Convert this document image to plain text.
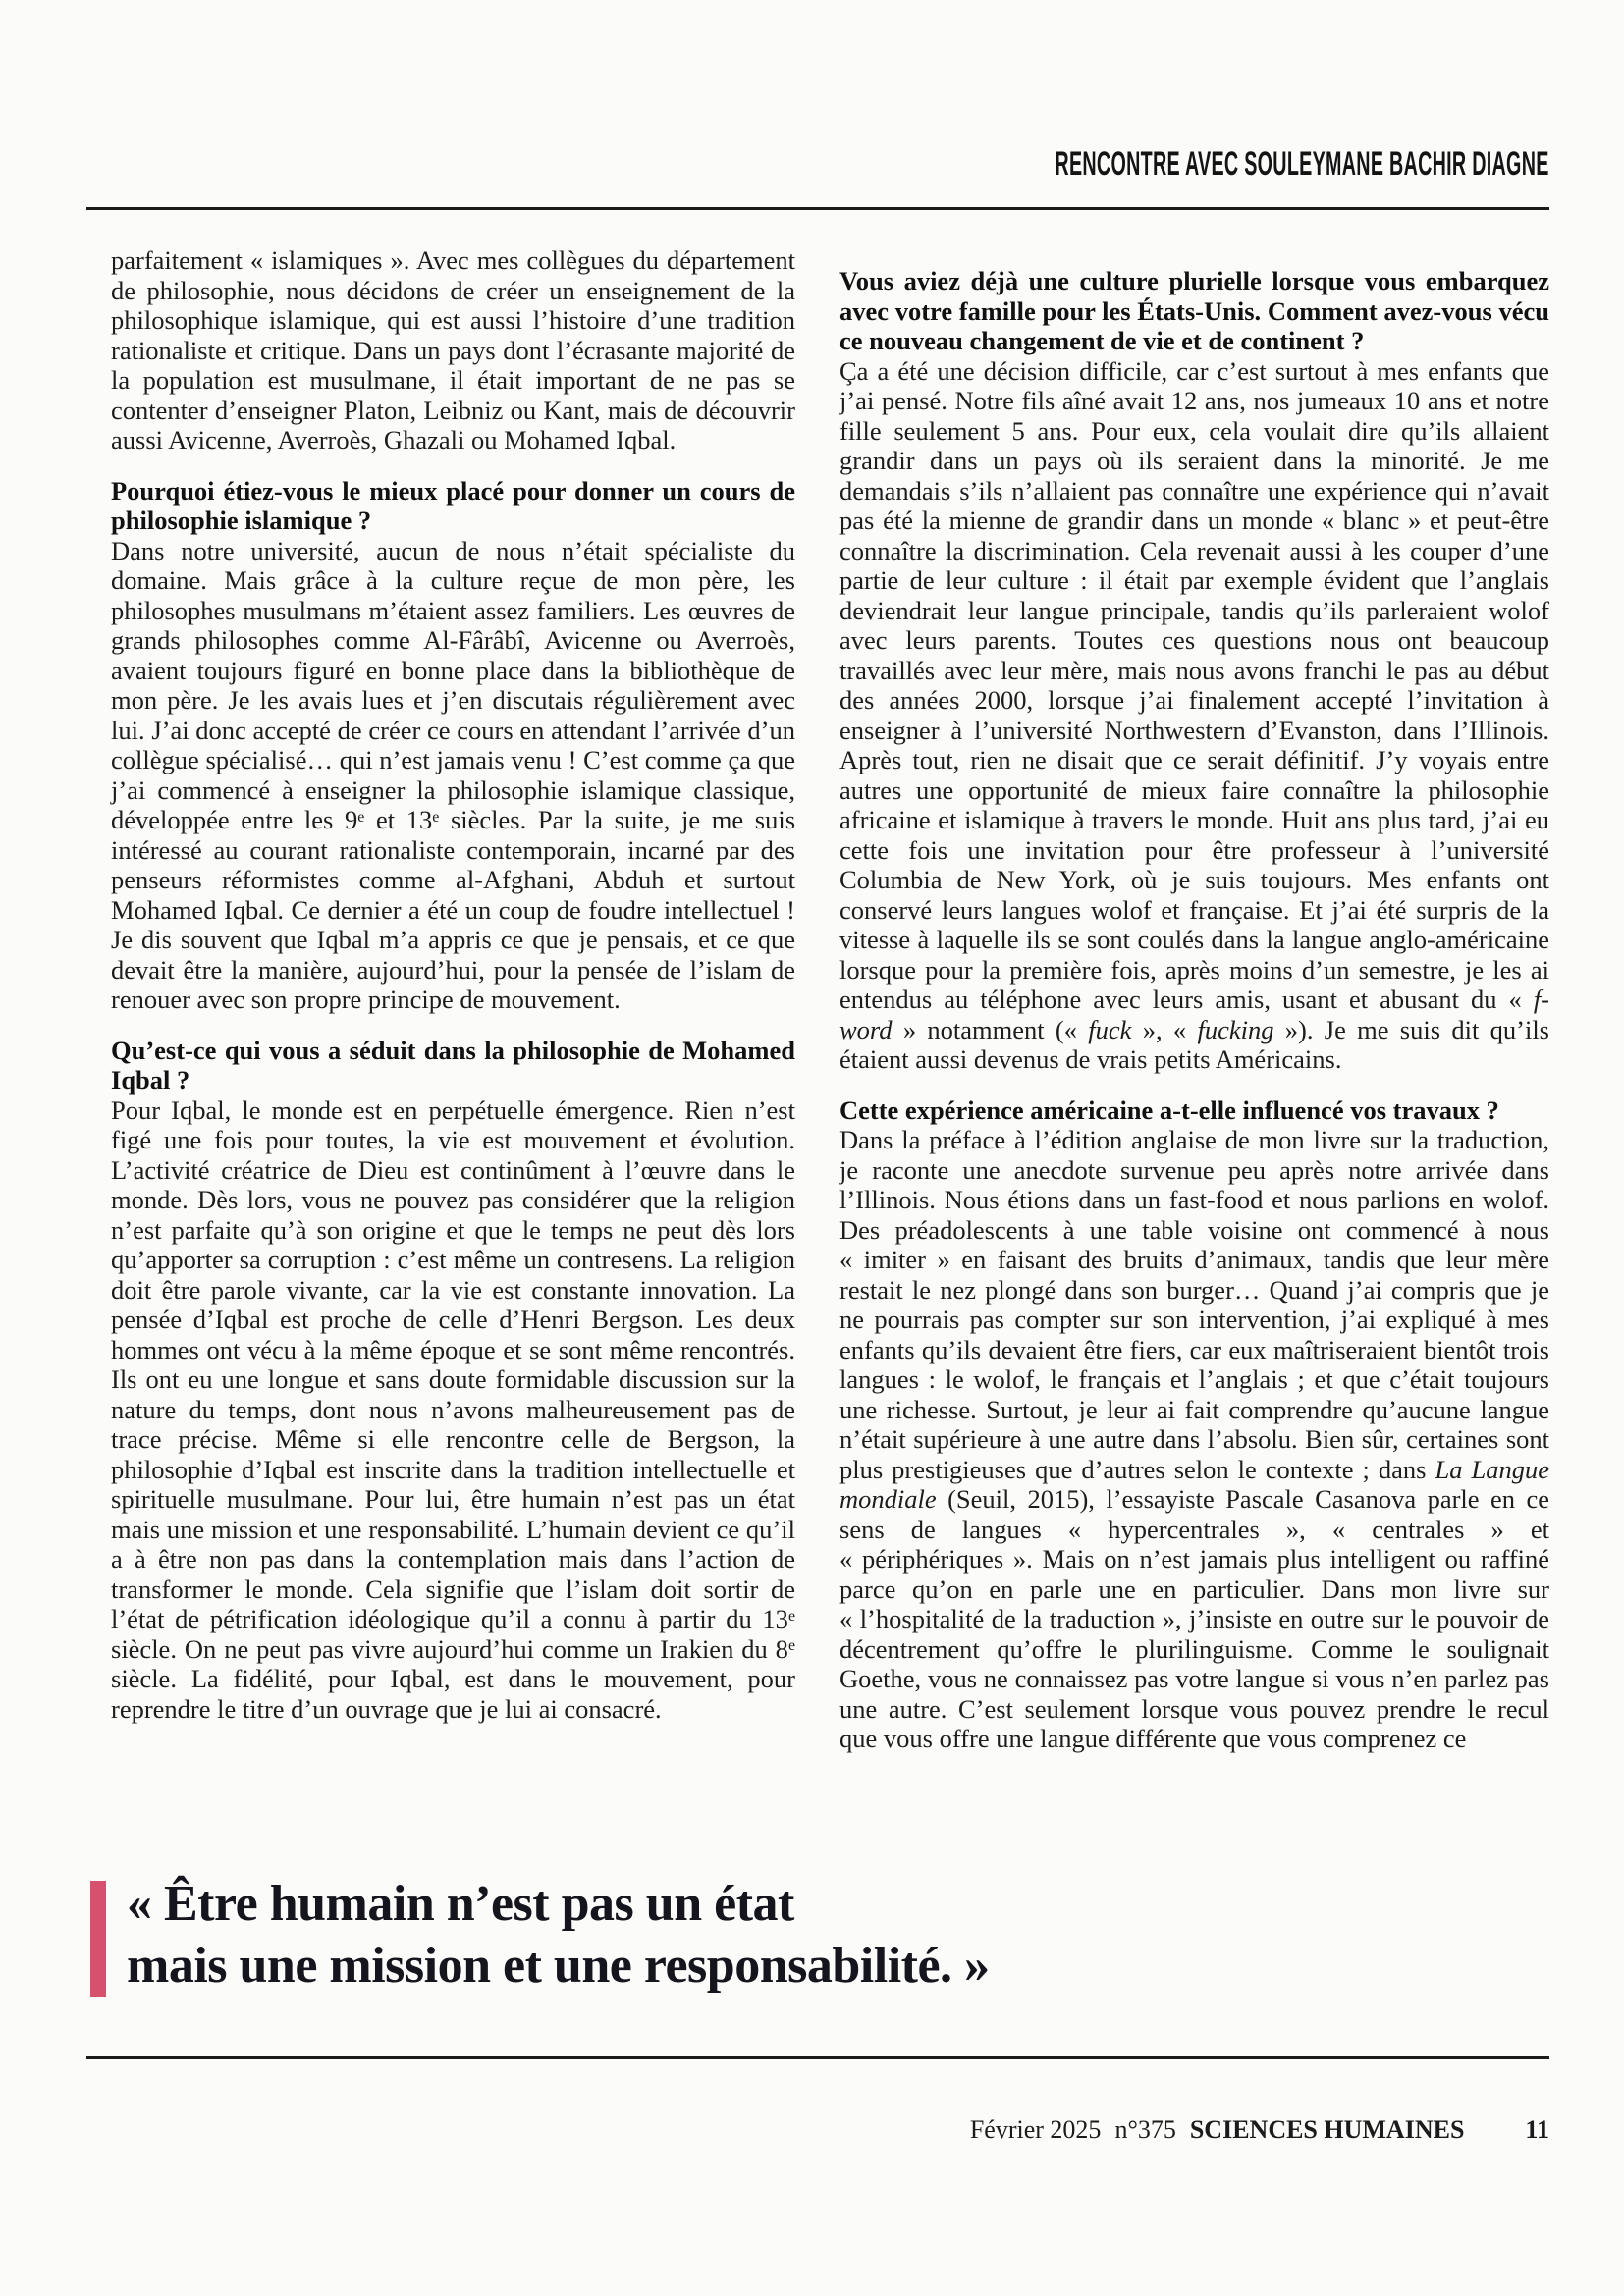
RENCONTRE AVEC SOULEYMANE BACHIR DIAGNE

parfaitement « islamiques ». Avec mes collègues du département de philosophie, nous décidons de créer un enseignement de la philosophique islamique, qui est aussi l’histoire d’une tradition rationaliste et critique. Dans un pays dont l’écrasante majorité de la population est musulmane, il était important de ne pas se contenter d’enseigner Platon, Leibniz ou Kant, mais de découvrir aussi Avicenne, Averroès, Ghazali ou Mohamed Iqbal.

Pourquoi étiez-vous le mieux placé pour donner un cours de philosophie islamique ?

Dans notre université, aucun de nous n’était spécialiste du domaine. Mais grâce à la culture reçue de mon père, les philosophes musulmans m’étaient assez familiers. Les œuvres de grands philosophes comme Al-Fârâbî, Avicenne ou Averroès, avaient toujours figuré en bonne place dans la bibliothèque de mon père. Je les avais lues et j’en discutais régulièrement avec lui. J’ai donc accepté de créer ce cours en attendant l’arrivée d’un collègue spécialisé… qui n’est jamais venu ! C’est comme ça que j’ai commencé à enseigner la philosophie islamique classique, développée entre les 9e et 13e siècles. Par la suite, je me suis intéressé au courant rationaliste contemporain, incarné par des penseurs réformistes comme al-Afghani, Abduh et surtout Mohamed Iqbal. Ce dernier a été un coup de foudre intellectuel ! Je dis souvent que Iqbal m’a appris ce que je pensais, et ce que devait être la manière, aujourd’hui, pour la pensée de l’islam de renouer avec son propre principe de mouvement.

Qu’est-ce qui vous a séduit dans la philosophie de Mohamed Iqbal ?

Pour Iqbal, le monde est en perpétuelle émergence. Rien n’est figé une fois pour toutes, la vie est mouvement et évolution. L’activité créatrice de Dieu est continûment à l’œuvre dans le monde. Dès lors, vous ne pouvez pas considérer que la religion n’est parfaite qu’à son origine et que le temps ne peut dès lors qu’apporter sa corruption : c’est même un contresens. La religion doit être parole vivante, car la vie est constante innovation. La pensée d’Iqbal est proche de celle d’Henri Bergson. Les deux hommes ont vécu à la même époque et se sont même rencontrés. Ils ont eu une longue et sans doute formidable discussion sur la nature du temps, dont nous n’avons malheureusement pas de trace précise. Même si elle rencontre celle de Bergson, la philosophie d’Iqbal est inscrite dans la tradition intellectuelle et spirituelle musulmane. Pour lui, être humain n’est pas un état mais une mission et une responsabilité. L’humain devient ce qu’il a à être non pas dans la contemplation mais dans l’action de transformer le monde. Cela signifie que l’islam doit sortir de l’état de pétrification idéologique qu’il a connu à partir du 13e siècle. On ne peut pas vivre aujourd’hui comme un Irakien du 8e siècle. La fidélité, pour Iqbal, est dans le mouvement, pour reprendre le titre d’un ouvrage que je lui ai consacré.

Vous aviez déjà une culture plurielle lorsque vous embarquez avec votre famille pour les États-Unis. Comment avez-vous vécu ce nouveau changement de vie et de continent ?

Ça a été une décision difficile, car c’est surtout à mes enfants que j’ai pensé. Notre fils aîné avait 12 ans, nos jumeaux 10 ans et notre fille seulement 5 ans. Pour eux, cela voulait dire qu’ils allaient grandir dans un pays où ils seraient dans la minorité. Je me demandais s’ils n’allaient pas connaître une expérience qui n’avait pas été la mienne de grandir dans un monde « blanc » et peut-être connaître la discrimination. Cela revenait aussi à les couper d’une partie de leur culture : il était par exemple évident que l’anglais deviendrait leur langue principale, tandis qu’ils parleraient wolof avec leurs parents. Toutes ces questions nous ont beaucoup travaillés avec leur mère, mais nous avons franchi le pas au début des années 2000, lorsque j’ai finalement accepté l’invitation à enseigner à l’université Northwestern d’Evanston, dans l’Illinois. Après tout, rien ne disait que ce serait définitif. J’y voyais entre autres une opportunité de mieux faire connaître la philosophie africaine et islamique à travers le monde. Huit ans plus tard, j’ai eu cette fois une invitation pour être professeur à l’université Columbia de New York, où je suis toujours. Mes enfants ont conservé leurs langues wolof et française. Et j’ai été surpris de la vitesse à laquelle ils se sont coulés dans la langue anglo-américaine lorsque pour la première fois, après moins d’un semestre, je les ai entendus au téléphone avec leurs amis, usant et abusant du « f-word » notamment (« fuck », « fucking »). Je me suis dit qu’ils étaient aussi devenus de vrais petits Américains.

Cette expérience américaine a-t-elle influencé vos travaux ?

Dans la préface à l’édition anglaise de mon livre sur la traduction, je raconte une anecdote survenue peu après notre arrivée dans l’Illinois. Nous étions dans un fast-food et nous parlions en wolof. Des préadolescents à une table voisine ont commencé à nous « imiter » en faisant des bruits d’animaux, tandis que leur mère restait le nez plongé dans son burger… Quand j’ai compris que je ne pourrais pas compter sur son intervention, j’ai expliqué à mes enfants qu’ils devaient être fiers, car eux maîtriseraient bientôt trois langues : le wolof, le français et l’anglais ; et que c’était toujours une richesse. Surtout, je leur ai fait comprendre qu’aucune langue n’était supérieure à une autre dans l’absolu. Bien sûr, certaines sont plus prestigieuses que d’autres selon le contexte ; dans La Langue mondiale (Seuil, 2015), l’essayiste Pascale Casanova parle en ce sens de langues « hypercentrales », « centrales » et « périphériques ». Mais on n’est jamais plus intelligent ou raffiné parce qu’on en parle une en particulier. Dans mon livre sur « l’hospitalité de la traduction », j’insiste en outre sur le pouvoir de décentrement qu’offre le plurilinguisme. Comme le soulignait Goethe, vous ne connaissez pas votre langue si vous n’en parlez pas une autre. C’est seulement lorsque vous pouvez prendre le recul que vous offre une langue différente que vous comprenez ce

« Être humain n’est pas un état
mais une mission et une responsabilité. »
Février 2025 n°375 SCIENCES HUMAINES 11
